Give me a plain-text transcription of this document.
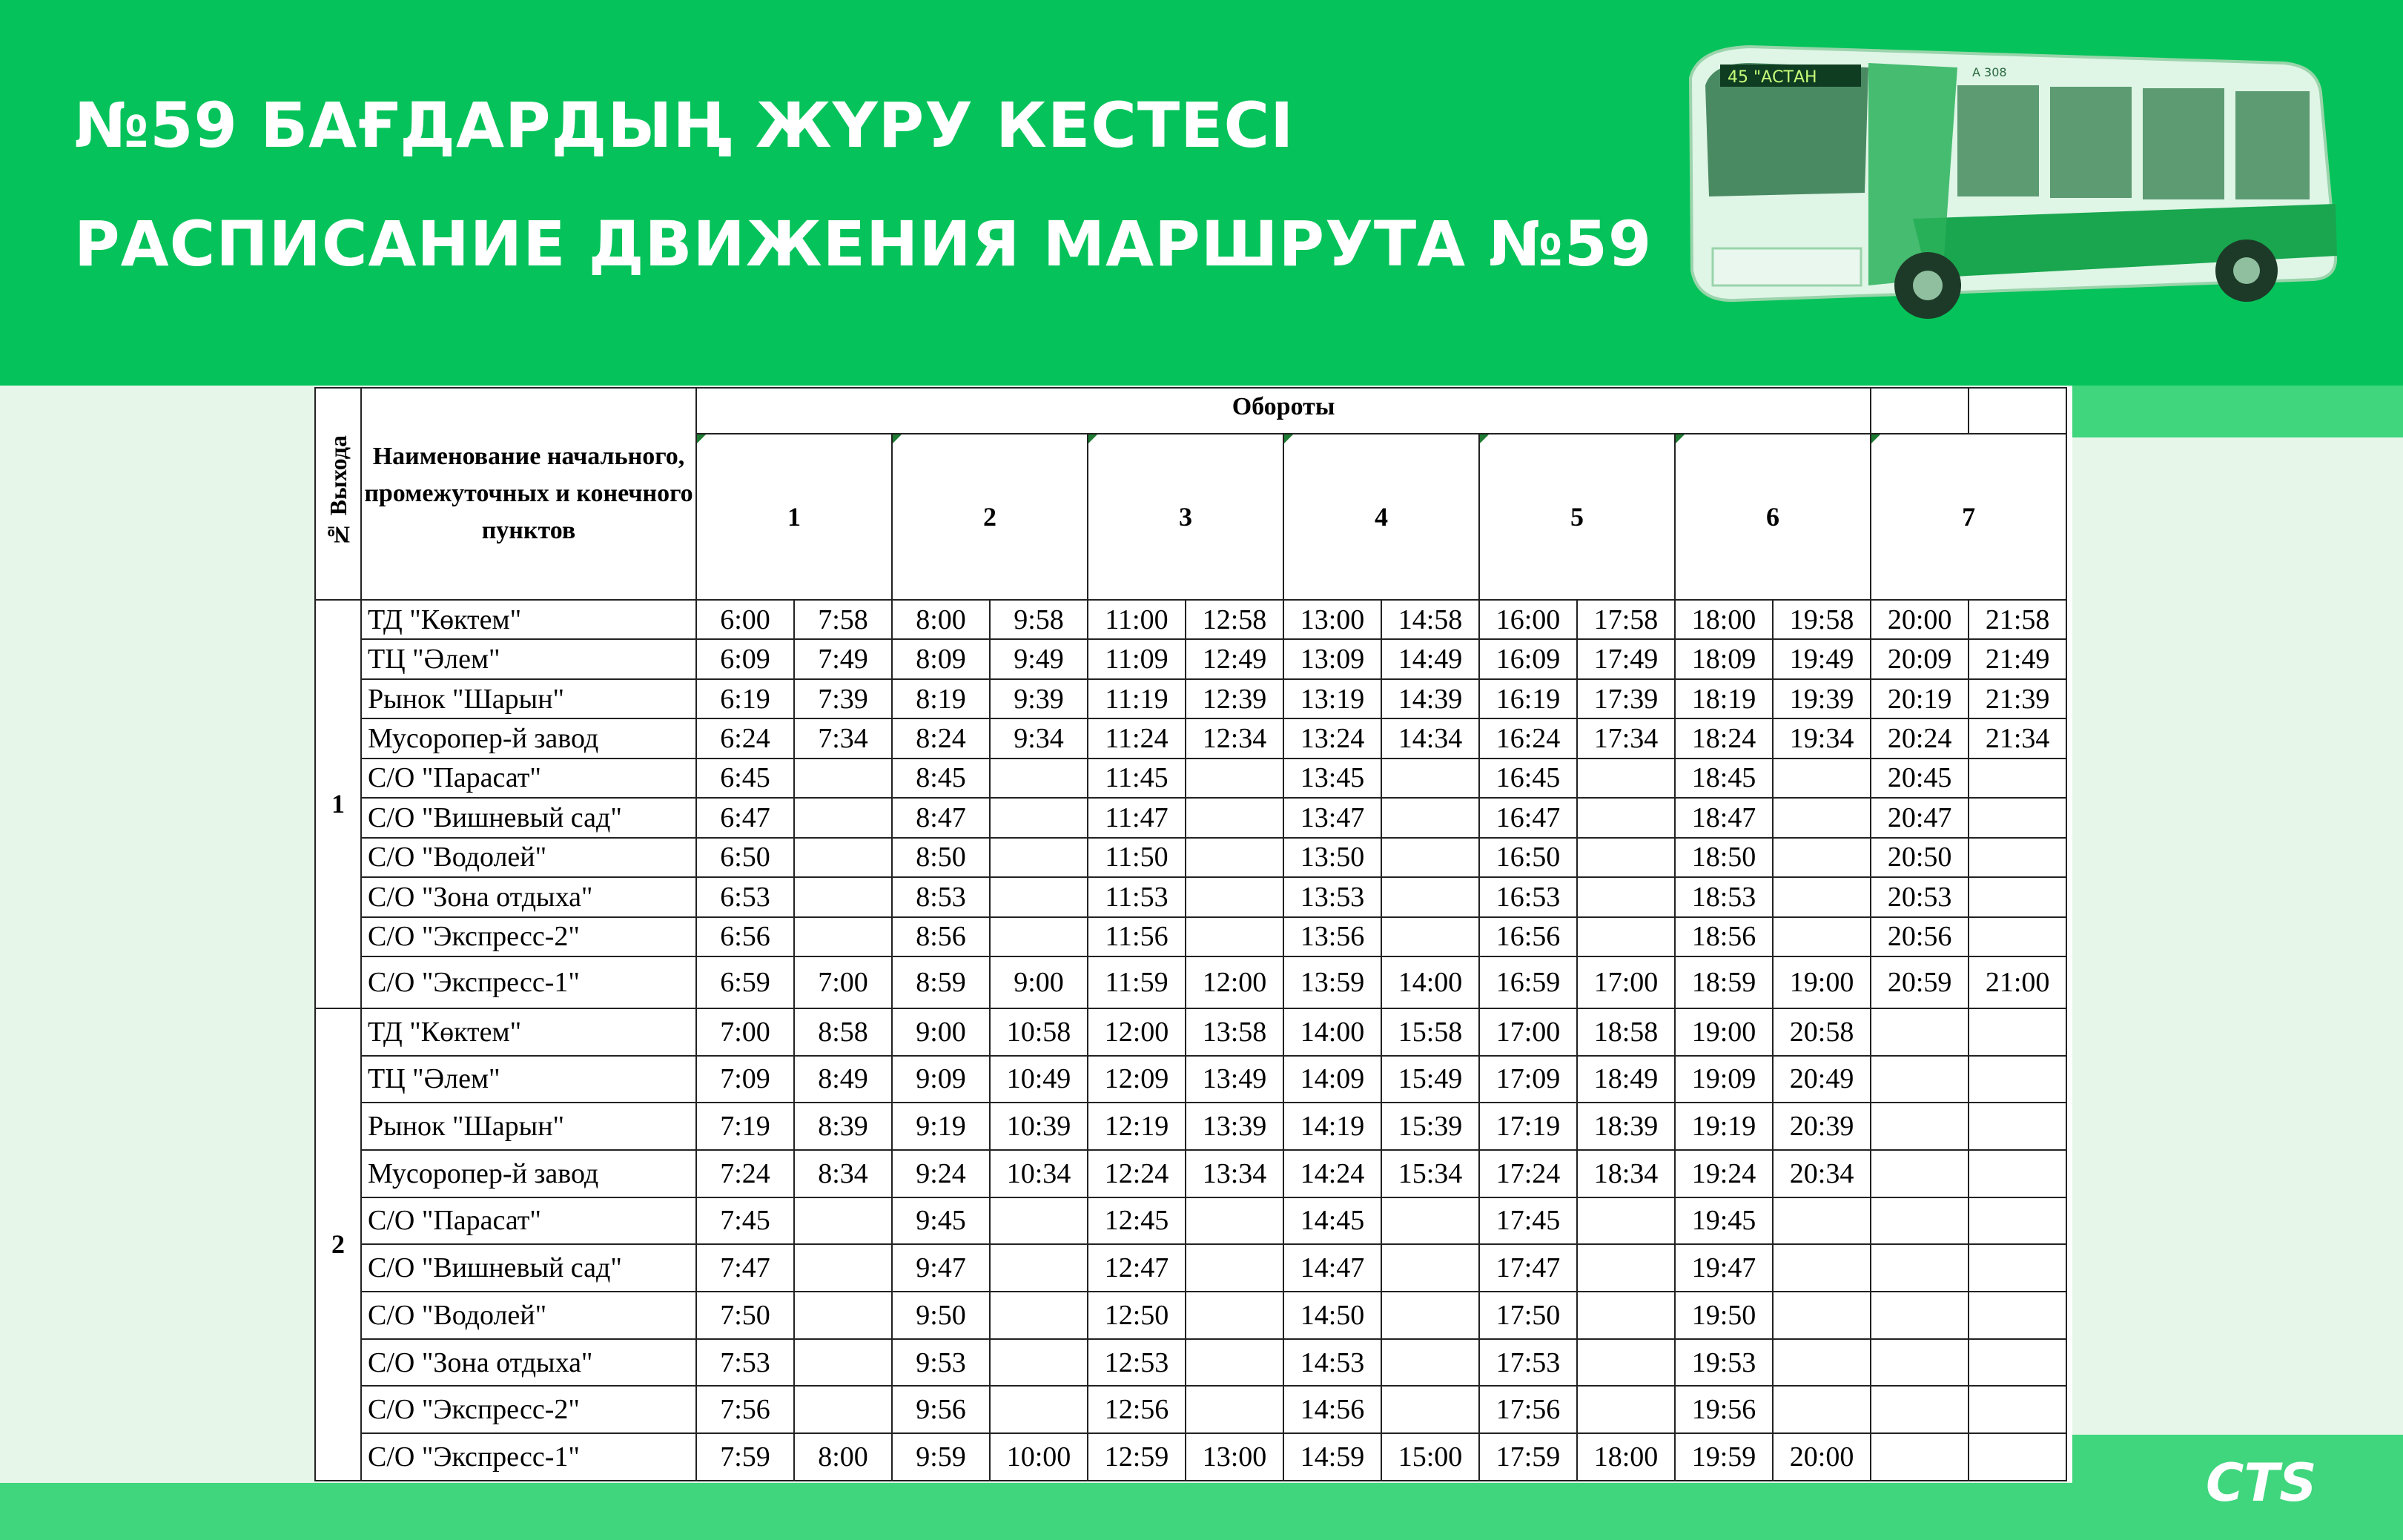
№59 БАҒДАРДЫҢ ЖҮРУ КЕСТЕСІ
РАСПИСАНИЕ ДВИЖЕНИЯ МАРШРУТА №59
45 "АСТАН	A 308
CTS
№ Выхода	Наименование начального, промежуточных и конечного пунктов	Обороты														
		1		2		3		4		5		6		7		
1	ТД "Көктем"	6:00	7:58	8:00	9:58	11:00	12:58	13:00	14:58	16:00	17:58	18:00	19:58	20:00	21:58	
	ТЦ "Әлем"	6:09	7:49	8:09	9:49	11:09	12:49	13:09	14:49	16:09	17:49	18:09	19:49	20:09	21:49	
	Рынок "Шарын"	6:19	7:39	8:19	9:39	11:19	12:39	13:19	14:39	16:19	17:39	18:19	19:39	20:19	21:39	
	Мусоропер-й завод	6:24	7:34	8:24	9:34	11:24	12:34	13:24	14:34	16:24	17:34	18:24	19:34	20:24	21:34	
	С/О "Парасат"	6:45		8:45		11:45		13:45		16:45		18:45		20:45		
	С/О "Вишневый сад"	6:47		8:47		11:47		13:47		16:47		18:47		20:47		
	С/О "Водолей"	6:50		8:50		11:50		13:50		16:50		18:50		20:50		
	С/О "Зона отдыха"	6:53		8:53		11:53		13:53		16:53		18:53		20:53		
	С/О "Экспресс-2"	6:56		8:56		11:56		13:56		16:56		18:56		20:56		
	С/О "Экспресс-1"	6:59	7:00	8:59	9:00	11:59	12:00	13:59	14:00	16:59	17:00	18:59	19:00	20:59	21:00	
2	ТД "Көктем"	7:00	8:58	9:00	10:58	12:00	13:58	14:00	15:58	17:00	18:58	19:00	20:58			
	ТЦ "Әлем"	7:09	8:49	9:09	10:49	12:09	13:49	14:09	15:49	17:09	18:49	19:09	20:49			
	Рынок "Шарын"	7:19	8:39	9:19	10:39	12:19	13:39	14:19	15:39	17:19	18:39	19:19	20:39			
	Мусоропер-й завод	7:24	8:34	9:24	10:34	12:24	13:34	14:24	15:34	17:24	18:34	19:24	20:34			
	С/О "Парасат"	7:45		9:45		12:45		14:45		17:45		19:45				
	С/О "Вишневый сад"	7:47		9:47		12:47		14:47		17:47		19:47				
	С/О "Водолей"	7:50		9:50		12:50		14:50		17:50		19:50				
	С/О "Зона отдыха"	7:53		9:53		12:53		14:53		17:53		19:53				
	С/О "Экспресс-2"	7:56		9:56		12:56		14:56		17:56		19:56				
	С/О "Экспресс-1"	7:59	8:00	9:59	10:00	12:59	13:00	14:59	15:00	17:59	18:00	19:59	20:00			
